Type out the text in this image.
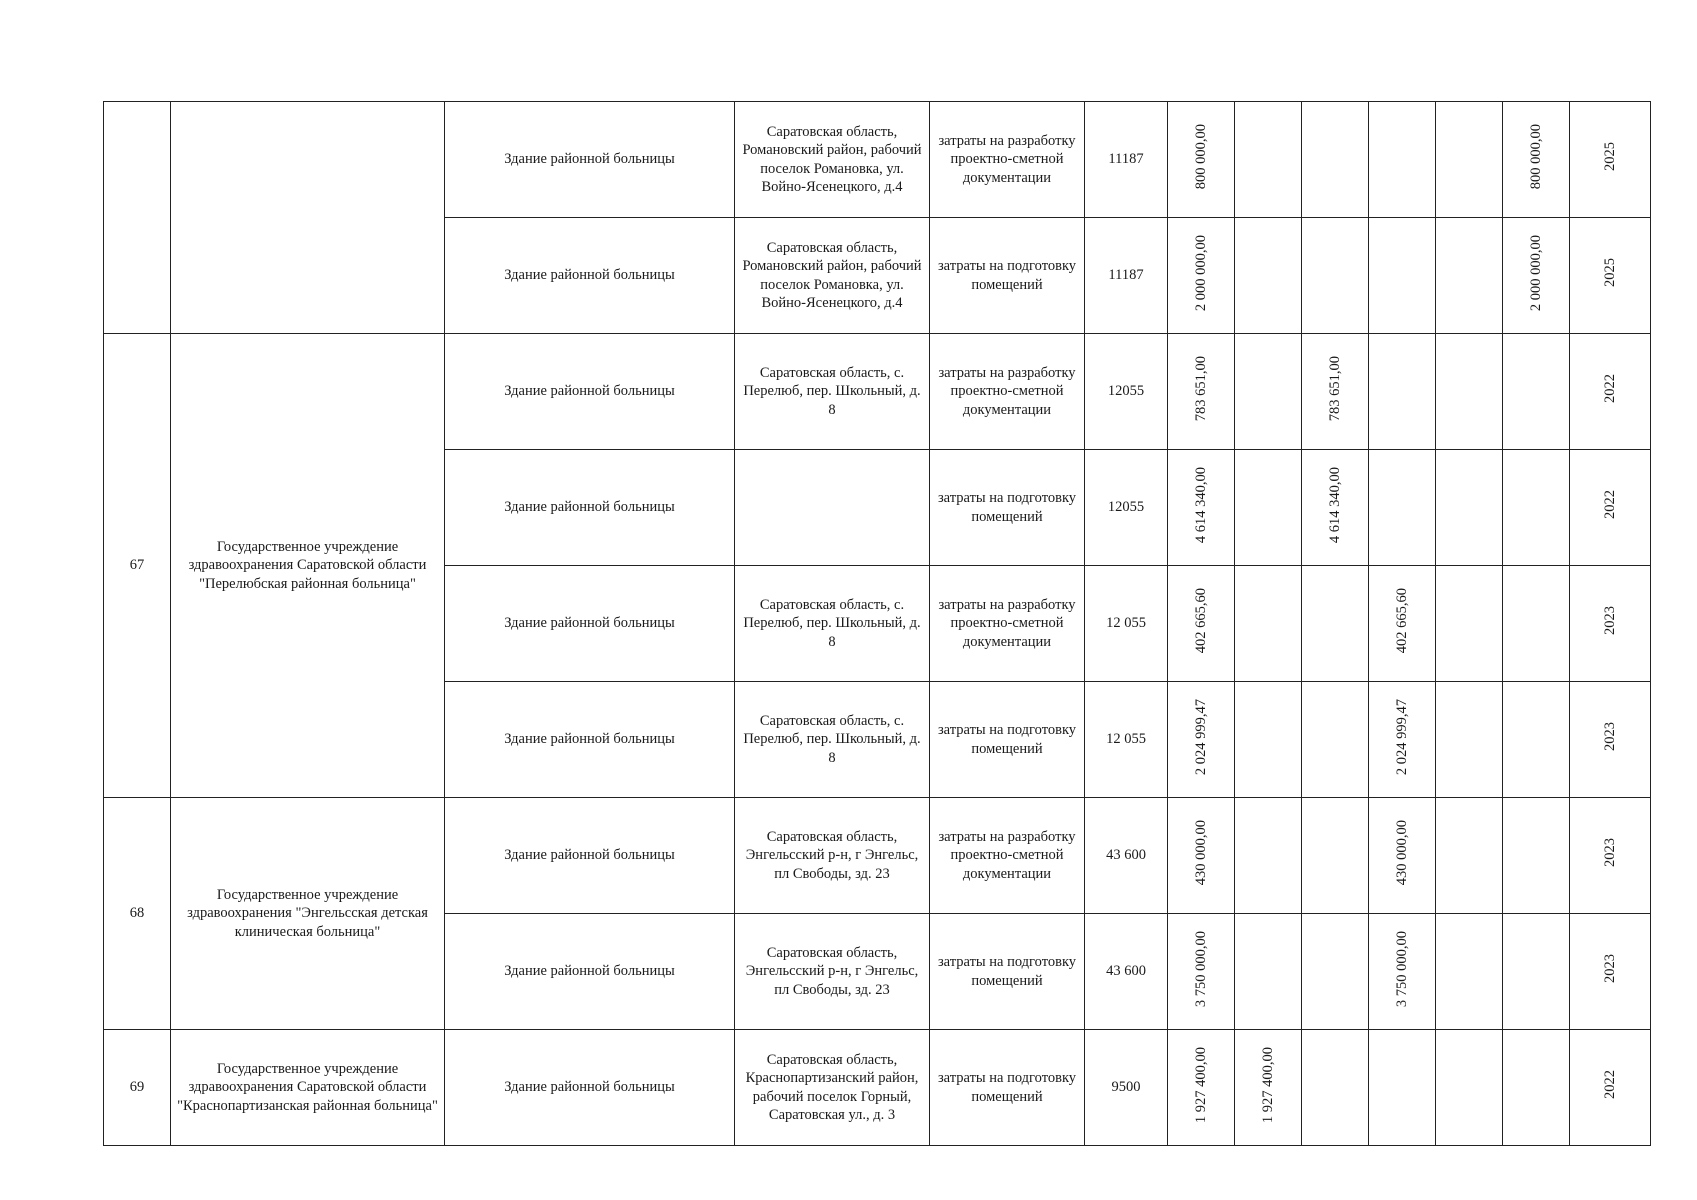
		Здание районной больницы	Саратовская область, Романовский район, рабочий поселок Романовка, ул. Войно-Ясенецкого, д.4	затраты на разработку проектно-сметной документации	11187	800 000,00					800 000,00	2025
		Здание районной больницы	Саратовская область, Романовский район, рабочий поселок Романовка, ул. Войно-Ясенецкого, д.4	затраты на подготовку помещений	11187	2 000 000,00					2 000 000,00	2025
67	Государственное учреждение здравоохранения Саратовской области "Перелюбская районная больница"	Здание районной больницы	Саратовская область, с. Перелюб, пер. Школьный, д. 8	затраты на разработку проектно-сметной документации	12055	783 651,00		783 651,00				2022
		Здание районной больницы		затраты на подготовку помещений	12055	4 614 340,00		4 614 340,00				2022
		Здание районной больницы	Саратовская область, с. Перелюб, пер. Школьный, д. 8	затраты на разработку проектно-сметной документации	12 055	402 665,60			402 665,60			2023
		Здание районной больницы	Саратовская область, с. Перелюб, пер. Школьный, д. 8	затраты на подготовку помещений	12 055	2 024 999,47			2 024 999,47			2023
68	Государственное учреждение здравоохранения "Энгельсская детская клиническая больница"	Здание районной больницы	Саратовская область, Энгельсский р-н, г Энгельс, пл Свободы, зд. 23	затраты на разработку проектно-сметной документации	43 600	430 000,00			430 000,00			2023
		Здание районной больницы	Саратовская область, Энгельсский р-н, г Энгельс, пл Свободы, зд. 23	затраты на подготовку помещений	43 600	3 750 000,00			3 750 000,00			2023
69	Государственное учреждение здравоохранения Саратовской области "Краснопартизанская районная больница"	Здание районной больницы	Саратовская область, Краснопартизанский район, рабочий поселок Горный, Саратовская ул., д. 3	затраты на подготовку помещений	9500	1 927 400,00	1 927 400,00					2022
